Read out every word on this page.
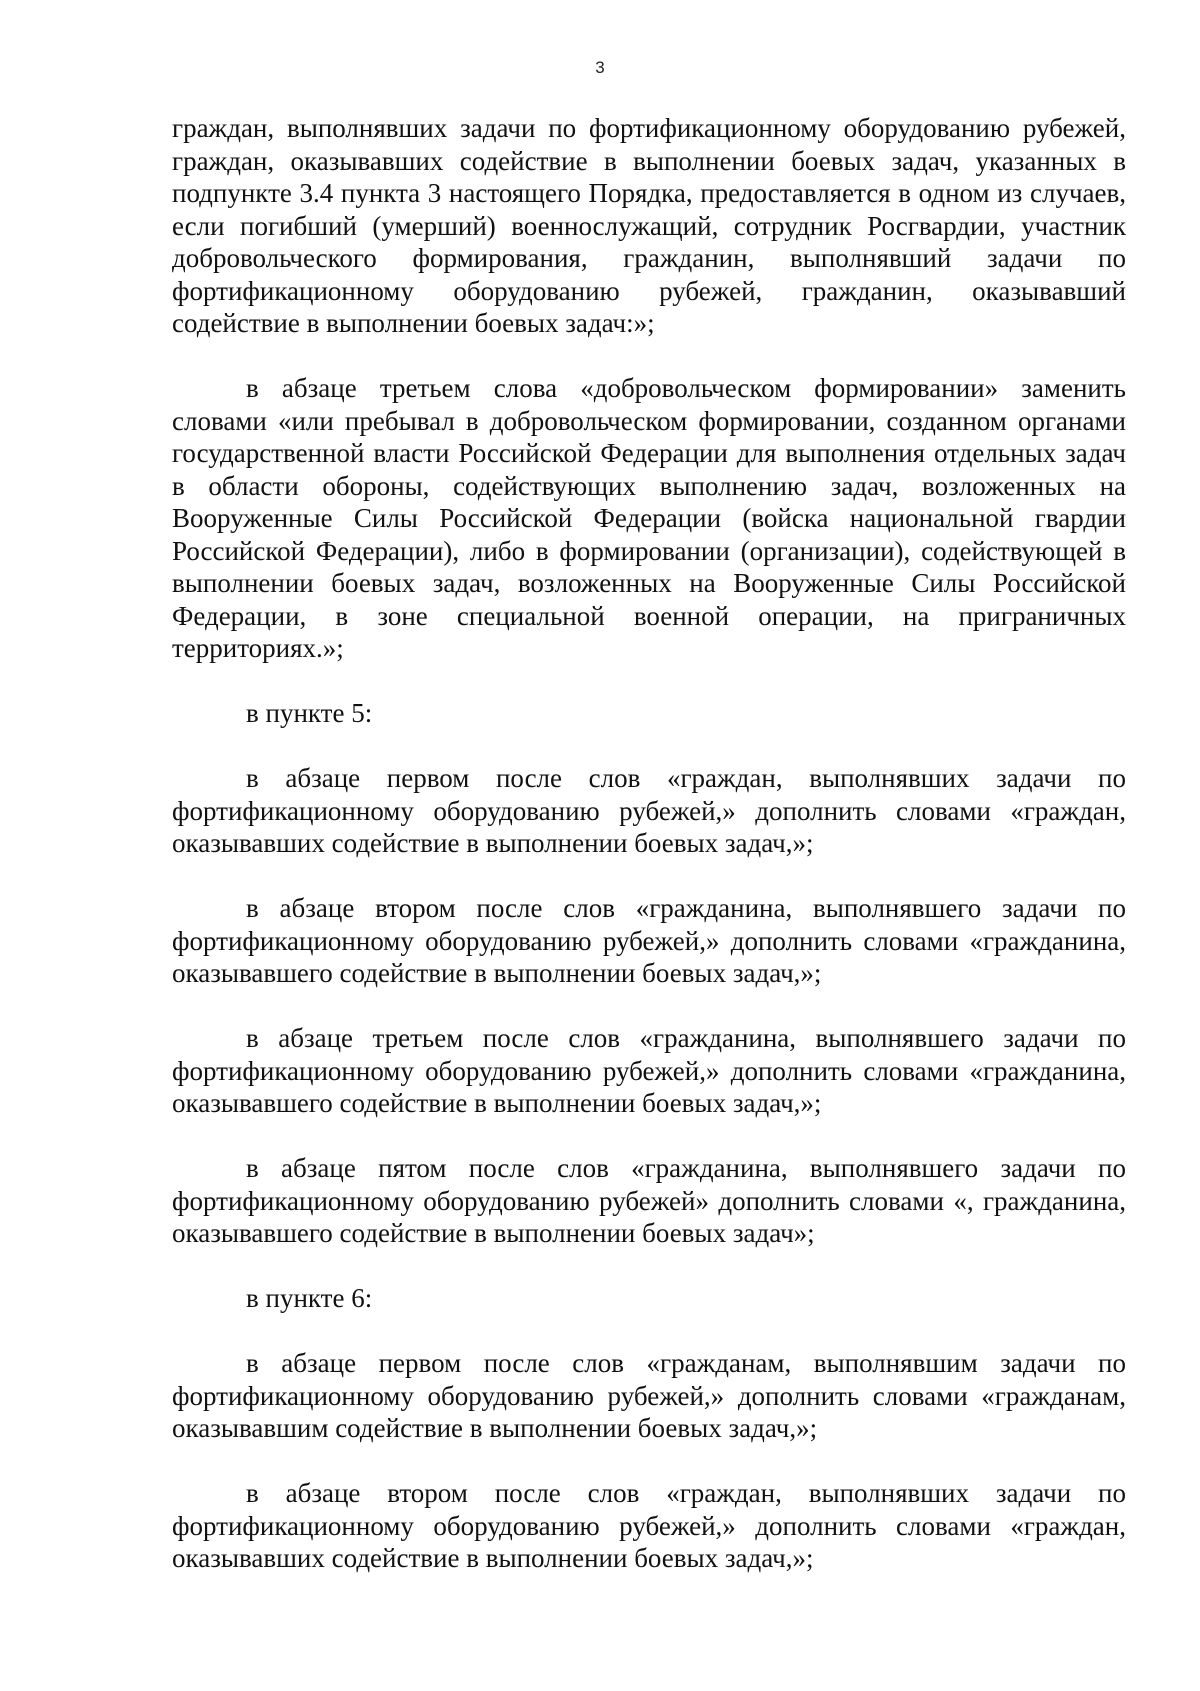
3

граждан, выполнявших задачи по фортификационному оборудованию рубежей, граждан, оказывавших содействие в выполнении боевых задач, указанных в подпункте 3.4 пункта 3 настоящего Порядка, предоставляется в одном из случаев, если погибший (умерший) военнослужащий, сотрудник Росгвардии, участник добровольческого формирования, гражданин, выполнявший задачи по фортификационному оборудованию рубежей, гражданин, оказывавший содействие в выполнении боевых задач:»;

в абзаце третьем слова «добровольческом формировании» заменить словами «или пребывал в добровольческом формировании, созданном органами государственной власти Российской Федерации для выполнения отдельных задач в области обороны, содействующих выполнению задач, возложенных на Вооруженные Силы Российской Федерации (войска национальной гвардии Российской Федерации), либо в формировании (организации), содействующей в выполнении боевых задач, возложенных на Вооруженные Силы Российской Федерации, в зоне специальной военной операции, на приграничных территориях.»;

в пункте 5:

в абзаце первом после слов «граждан, выполнявших задачи по фортификационному оборудованию рубежей,» дополнить словами «граждан, оказывавших содействие в выполнении боевых задач,»;

в абзаце втором после слов «гражданина, выполнявшего задачи по фортификационному оборудованию рубежей,» дополнить словами «гражданина, оказывавшего содействие в выполнении боевых задач,»;

в абзаце третьем после слов «гражданина, выполнявшего задачи по фортификационному оборудованию рубежей,» дополнить словами «гражданина, оказывавшего содействие в выполнении боевых задач,»;

в абзаце пятом после слов «гражданина, выполнявшего задачи по фортификационному оборудованию рубежей» дополнить словами «, гражданина, оказывавшего содействие в выполнении боевых задач»;

в пункте 6:

в абзаце первом после слов «гражданам, выполнявшим задачи по фортификационному оборудованию рубежей,» дополнить словами «гражданам, оказывавшим содействие в выполнении боевых задач,»;

в абзаце втором после слов «граждан, выполнявших задачи по фортификационному оборудованию рубежей,» дополнить словами «граждан, оказывавших содействие в выполнении боевых задач,»;
